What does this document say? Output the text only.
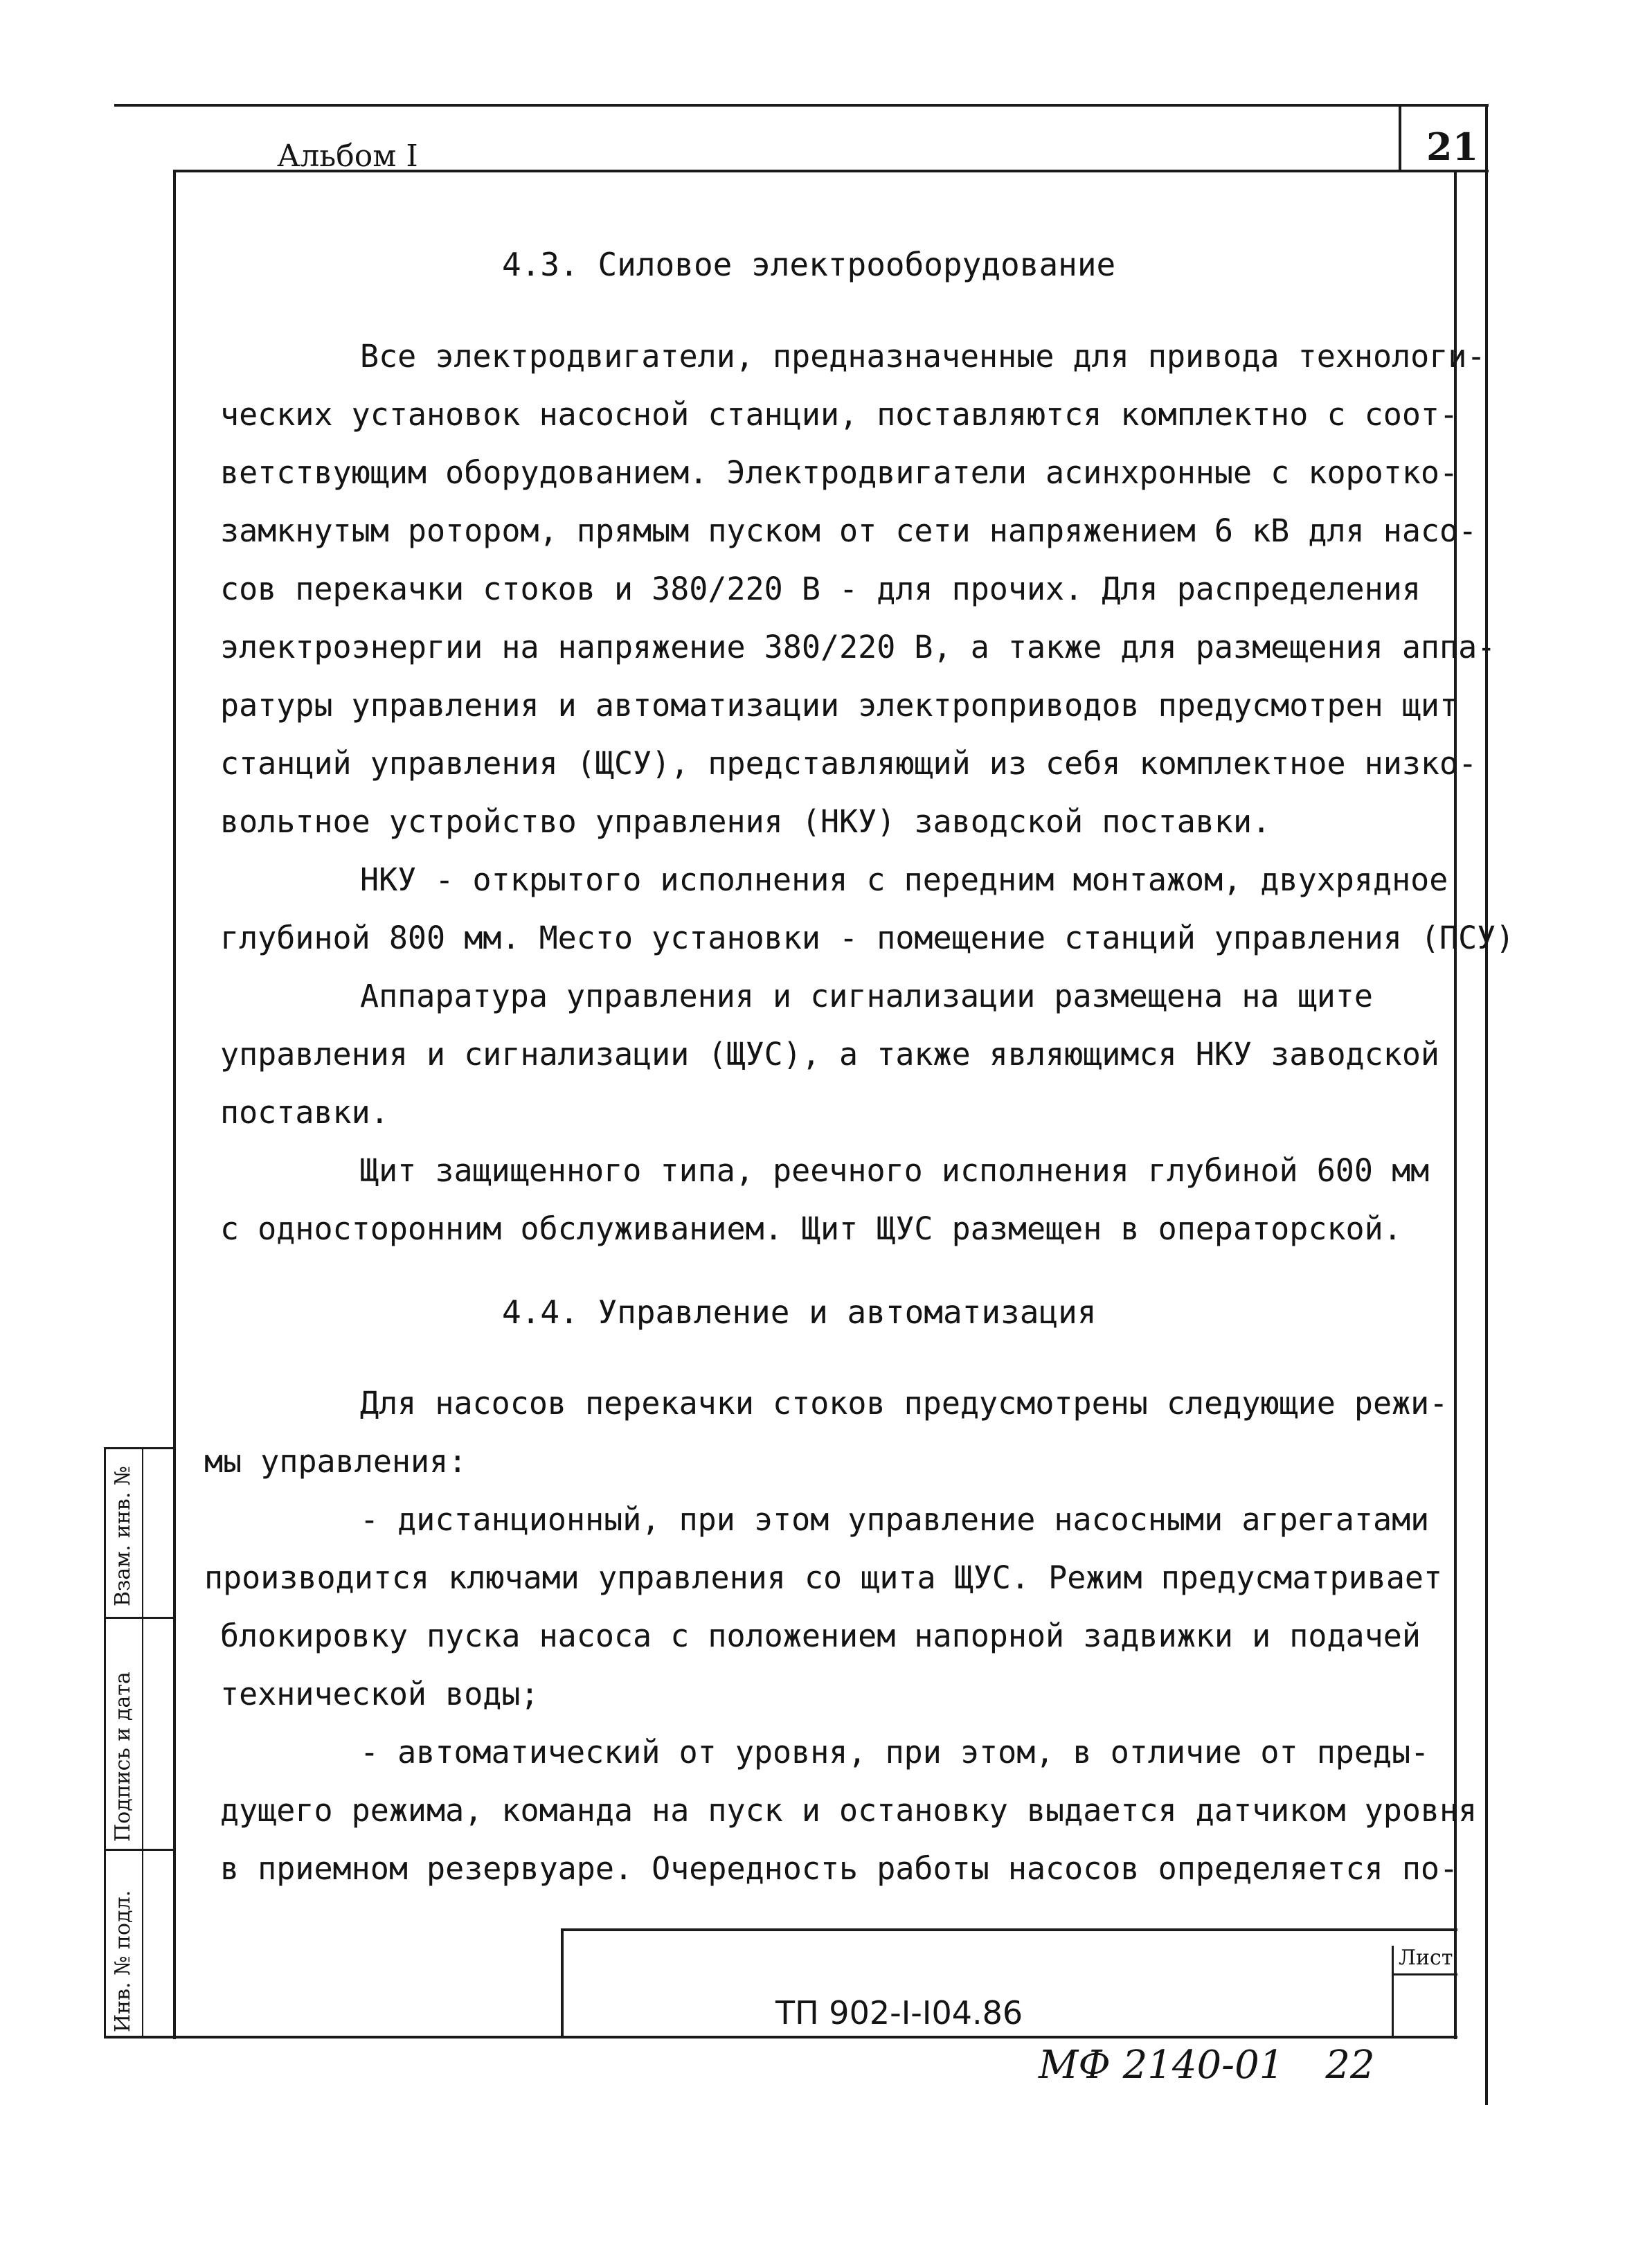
Взам. инв. №
Подпись и дата
Инв. № подл.
Альбом I	21
4.3. Силовое электрооборудование
Все электродвигатели, предназначенные для привода технологи-
ческих установок насосной станции, поставляются комплектно с соот-
ветствующим оборудованием. Электродвигатели асинхронные с коротко-
замкнутым ротором, прямым пуском от сети напряжением 6 кВ для насо-
сов перекачки стоков и 380/220 В - для прочих. Для распределения
электроэнергии на напряжение 380/220 В, а также для размещения аппа-
ратуры управления и автоматизации электроприводов предусмотрен щит
станций управления (ЩСУ), представляющий из себя комплектное низко-
вольтное устройство управления (НКУ) заводской поставки.
НКУ - открытого исполнения с передним монтажом, двухрядное
глубиной 800 мм. Место установки - помещение станций управления (ПСУ)
Аппаратура управления и сигнализации размещена на щите
управления и сигнализации (ЩУС), а также являющимся НКУ заводской
поставки.
Щит защищенного типа, реечного исполнения глубиной 600 мм
с односторонним обслуживанием. Щит ЩУС размещен в операторской.
4.4. Управление и автоматизация
Для насосов перекачки стоков предусмотрены следующие режи-
мы управления:
- дистанционный, при этом управление насосными агрегатами
производится ключами управления со щита ЩУС. Режим предусматривает
блокировку пуска насоса с положением напорной задвижки и подачей
технической воды;
- автоматический от уровня, при этом, в отличие от преды-
дущего режима, команда на пуск и остановку выдается датчиком уровня
в приемном резервуаре. Очередность работы насосов определяется по-
Лист
ТП 902-I-I04.86
МФ 2140-01 22
